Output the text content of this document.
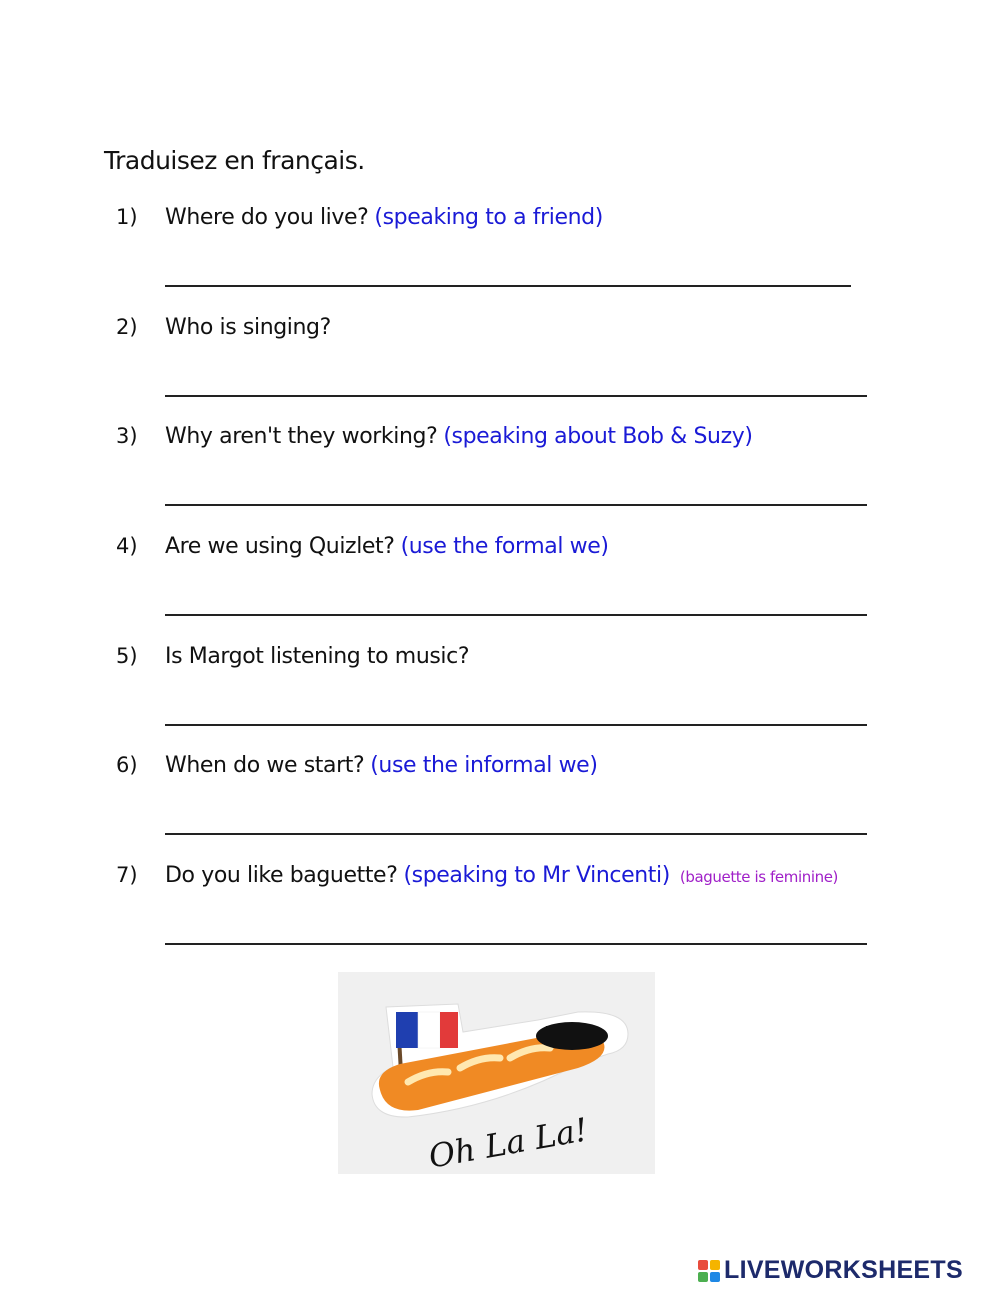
Traduisez en français.
1) Where do you live? (speaking to a friend)
2) Who is singing?
3) Why aren't they working? (speaking about Bob & Suzy)
4) Are we using Quizlet? (use the formal we)
5) Is Margot listening to music?
6) When do we start? (use the informal we)
7) Do you like baguette? (speaking to Mr Vincenti) (baguette is feminine)
Oh La La!
LIVEWORKSHEETS
